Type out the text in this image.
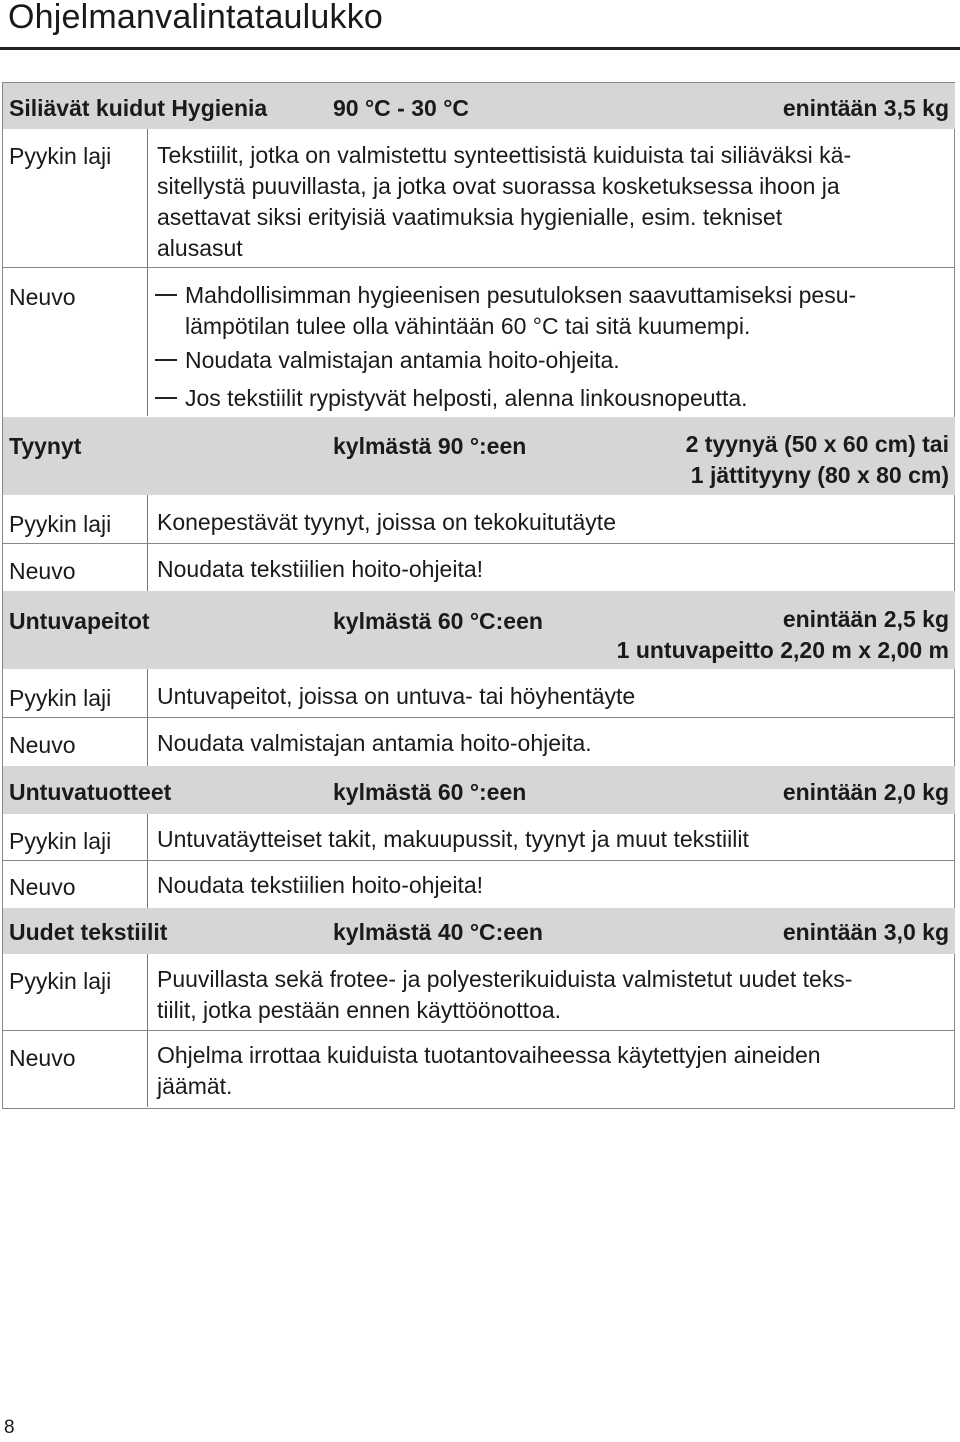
Ohjelmanvalintataulukko
Siliävät kuidut Hygienia	90 °C - 30 °C	enintään 3,5 kg
Pyykin laji Tekstiilit, jotka on valmistettu synteettisistä kuiduista tai siliäväksi kä-
sitellystä puuvillasta, ja jotka ovat suorassa kosketuksessa ihoon ja
asettavat siksi erityisiä vaatimuksia hygienialle, esim. tekniset
alusasut
Neuvo	Mahdollisimman hygieenisen pesutuloksen saavuttamiseksi pesu-
lämpötilan tulee olla vähintään 60 °C tai sitä kuumempi.
Noudata valmistajan antamia hoito-ohjeita.
Jos tekstiilit rypistyvät helposti, alenna linkousnopeutta.
Tyynyt	kylmästä 90 °:een	2 tyynyä (50 x 60 cm) tai
1 jättityyny (80 x 80 cm)
Pyykin laji Konepestävät tyynyt, joissa on tekokuitutäyte
Neuvo	Noudata tekstiilien hoito-ohjeita!
Untuvapeitot	kylmästä 60 °C:een	enintään 2,5 kg
1 untuvapeitto 2,20 m x 2,00 m
Pyykin laji Untuvapeitot, joissa on untuva- tai höyhentäyte
Neuvo	Noudata valmistajan antamia hoito-ohjeita.
Untuvatuotteet	kylmästä 60 °:een	enintään 2,0 kg
Pyykin laji Untuvatäytteiset takit, makuupussit, tyynyt ja muut tekstiilit
Neuvo	Noudata tekstiilien hoito-ohjeita!
Uudet tekstiilit	kylmästä 40 °C:een	enintään 3,0 kg
Pyykin laji Puuvillasta sekä frotee- ja polyesterikuiduista valmistetut uudet teks-
tiilit, jotka pestään ennen käyttöönottoa.
Neuvo	Ohjelma irrottaa kuiduista tuotantovaiheessa käytettyjen aineiden
jäämät.
8
